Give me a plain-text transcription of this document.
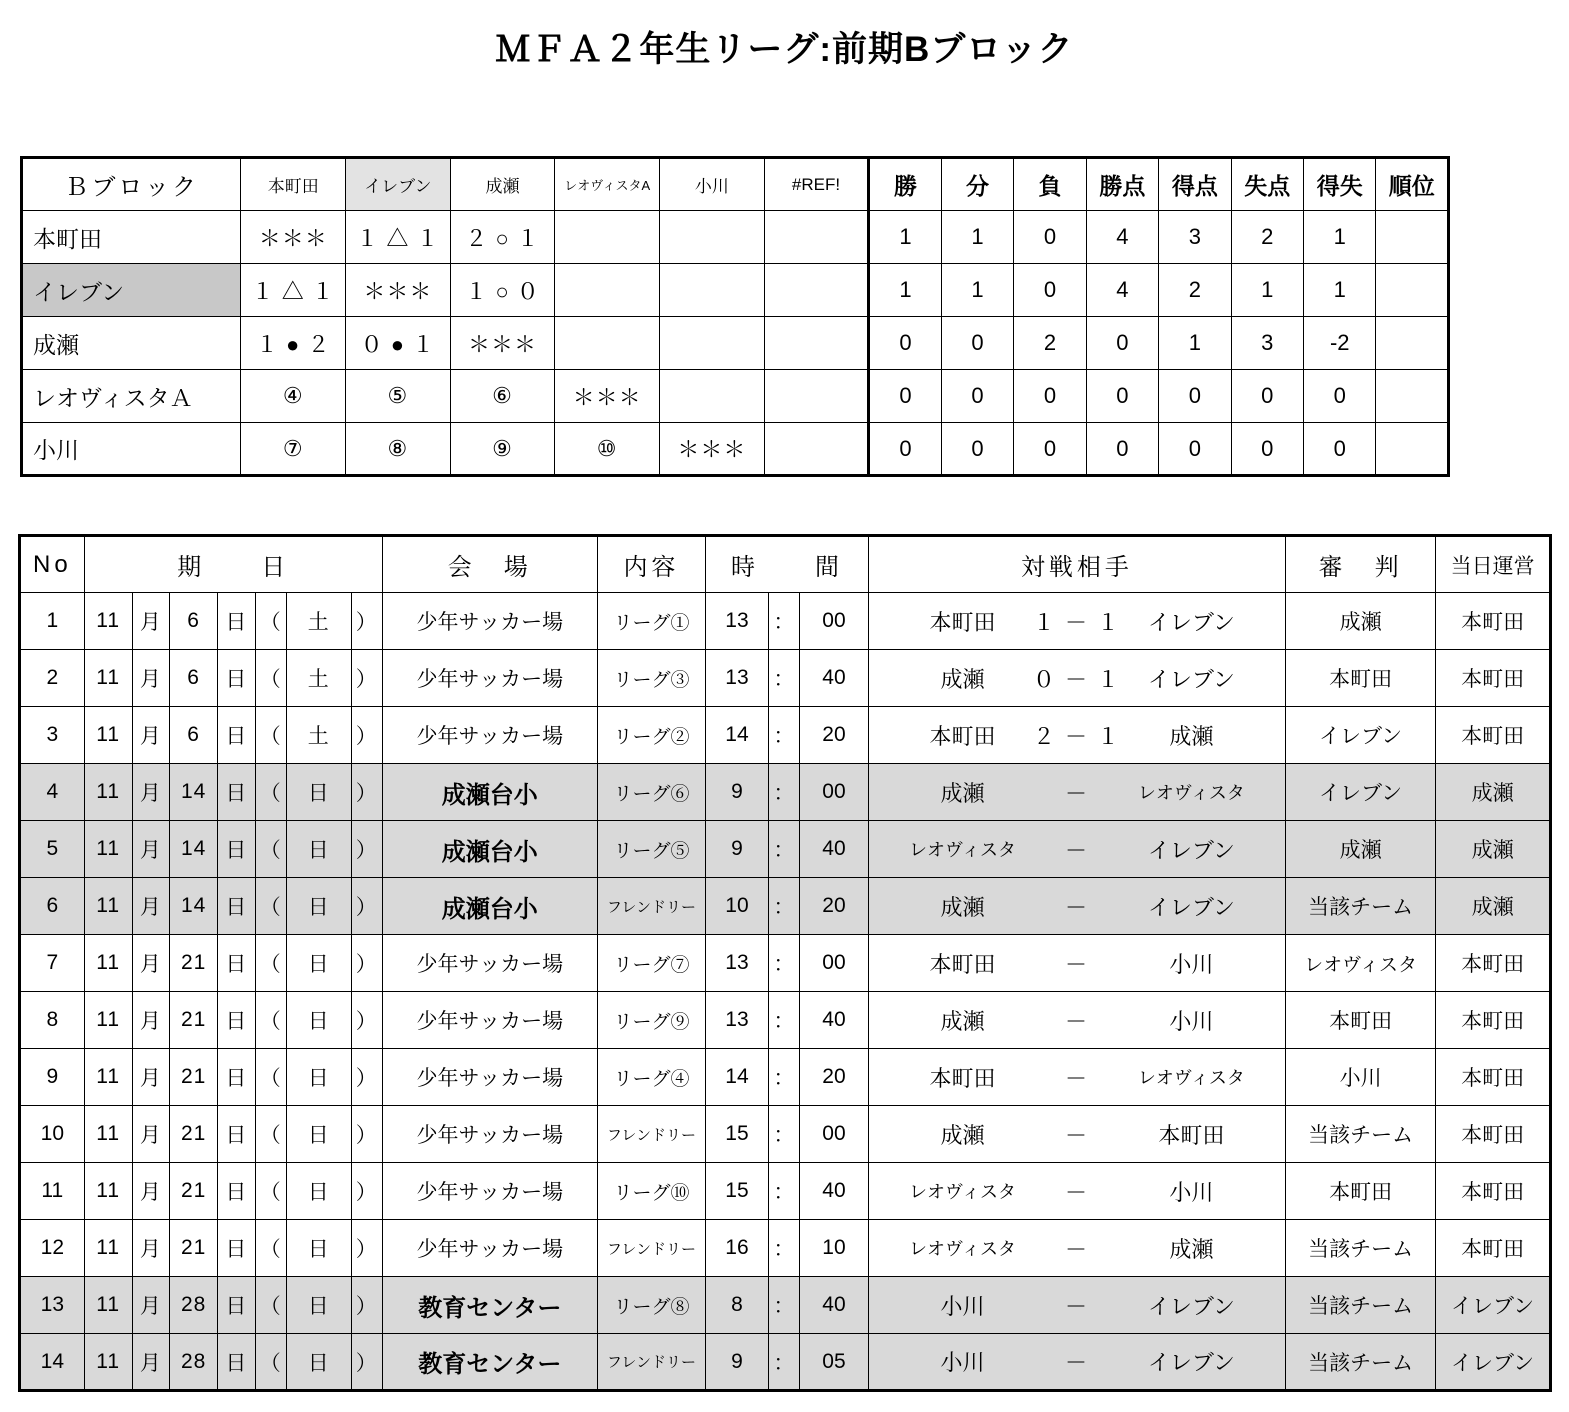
ＭＦＡ２年生リーグ:前期Bブロック
Ｂブロック	本町田	イレブン	成瀬	レオヴィスタA	小川	#REF!	勝	分	負	勝点	得点	失点	得失	順位
本町田	＊＊＊	１ △ １	２ ○ １				1	1	0	4	3	2	1	
イレブン	１ △ １	＊＊＊	１ ○ ０				1	1	0	4	2	1	1	
成瀬	１ ● ２	０ ● １	＊＊＊				0	0	2	0	1	3	-2	
レオヴィスタＡ	④	⑤	⑥	＊＊＊			0	0	0	0	0	0	0	
小川	⑦	⑧	⑨	⑩	＊＊＊		0	0	0	0	0	0	0	
No	期　　日							会　場	内容	時　　間			対戦相手	審　判	当日運営
1	11	月	6	日	（	土	）	少年サッカー場	リーグ①	13	：	00	本町田 １ － １ イレブン	成瀬	本町田
2	11	月	6	日	（	土	）	少年サッカー場	リーグ③	13	：	40	成瀬 ０ － １ イレブン	本町田	本町田
3	11	月	6	日	（	土	）	少年サッカー場	リーグ②	14	：	20	本町田 ２ － １ 成瀬	イレブン	本町田
4	11	月	14	日	（	日	）	成瀬台小	リーグ⑥	9	：	00	成瀬 － レオヴィスタ	イレブン	成瀬
5	11	月	14	日	（	日	）	成瀬台小	リーグ⑤	9	：	40	レオヴィスタ － イレブン	成瀬	成瀬
6	11	月	14	日	（	日	）	成瀬台小	フレンドリー	10	：	20	成瀬 － イレブン	当該チーム	成瀬
7	11	月	21	日	（	日	）	少年サッカー場	リーグ⑦	13	：	00	本町田 － 小川	レオヴィスタ	本町田
8	11	月	21	日	（	日	）	少年サッカー場	リーグ⑨	13	：	40	成瀬 － 小川	本町田	本町田
9	11	月	21	日	（	日	）	少年サッカー場	リーグ④	14	：	20	本町田 － レオヴィスタ	小川	本町田
10	11	月	21	日	（	日	）	少年サッカー場	フレンドリー	15	：	00	成瀬 － 本町田	当該チーム	本町田
11	11	月	21	日	（	日	）	少年サッカー場	リーグ⑩	15	：	40	レオヴィスタ － 小川	本町田	本町田
12	11	月	21	日	（	日	）	少年サッカー場	フレンドリー	16	：	10	レオヴィスタ － 成瀬	当該チーム	本町田
13	11	月	28	日	（	日	）	教育センター	リーグ⑧	8	：	40	小川 － イレブン	当該チーム	イレブン
14	11	月	28	日	（	日	）	教育センター	フレンドリー	9	：	05	小川 － イレブン	当該チーム	イレブン
